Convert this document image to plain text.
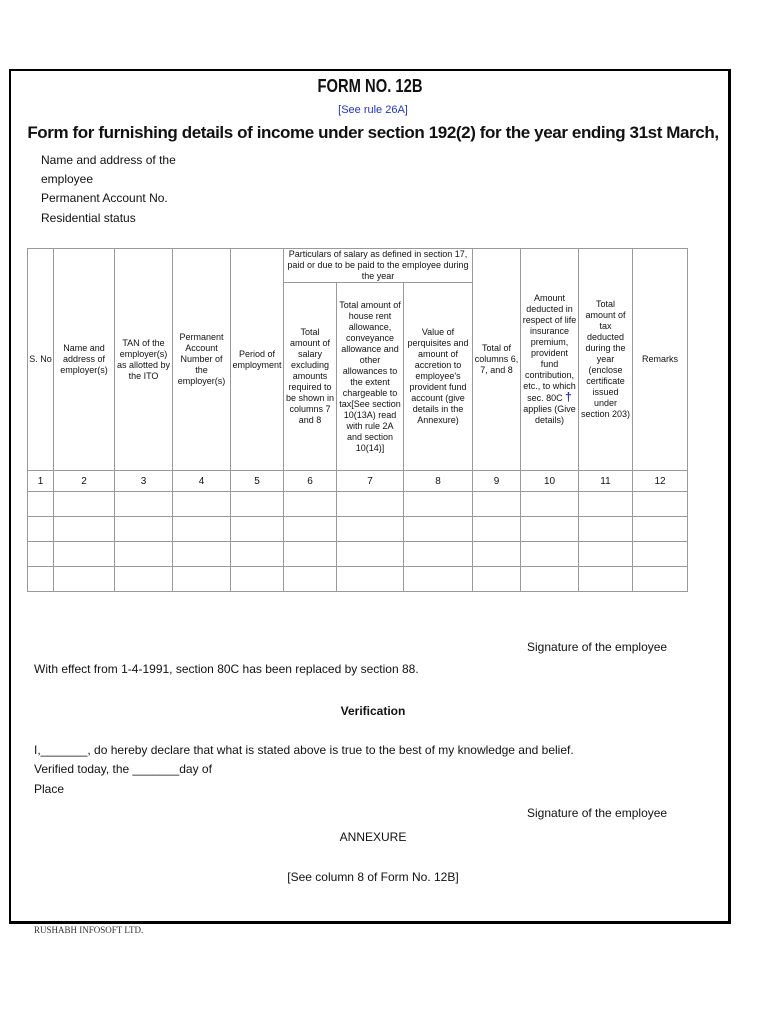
FORM NO. 12B
[See rule 26A]
Form for furnishing details of income under section 192(2) for the year ending 31st March,
Name and address of the
employee
Permanent Account No.
Residential status
S. No	Name and address of employer(s)	TAN of the employer(s) as allotted by the ITO	Permanent Account Number of the employer(s)	Period of employment	Particulars of salary as defined in section 17, paid or due to be paid to the employee during the year			Total of columns 6, 7, and 8	Amount deducted in respect of life insurance premium, provident fund contribution, etc., to which sec. 80C † applies (Give details)	Total amount of tax deducted during the year (enclose certificate issued under section 203)	Remarks
					Total amount of salary excluding amounts required to be shown in columns 7 and 8	Total amount of house rent allowance, conveyance allowance and other allowances to the extent chargeable to tax[See section 10(13A) read with rule 2A and section 10(14)]	Value of perquisites and amount of accretion to employee's provident fund account (give details in the Annexure)				
1	2	3	4	5	6	7	8	9	10	11	12

Signature of the employee
With effect from 1-4-1991, section 80C has been replaced by section 88.
Verification
I,_______, do hereby declare that what is stated above is true to the best of my knowledge and belief.
Verified today, the _______day of
Place
Signature of the employee
ANNEXURE
[See column 8 of Form No. 12B]
RUSHABH INFOSOFT LTD.
